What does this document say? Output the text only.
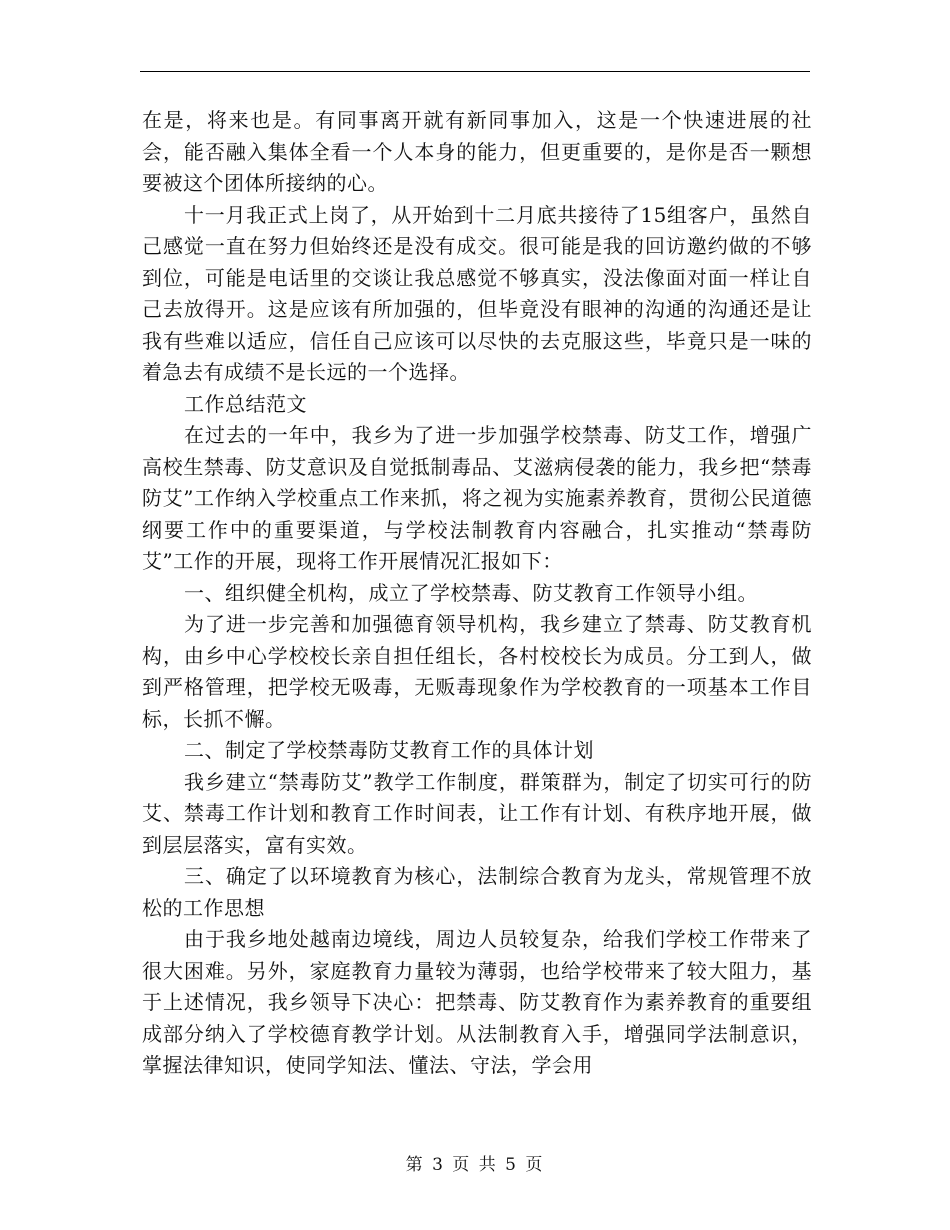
在是，将来也是。有同事离开就有新同事加入，这是一个快速进展的社会，能否融入集体全看一个人本身的能力，但更重要的，是你是否一颗想要被这个团体所接纳的心。

十一月我正式上岗了，从开始到十二月底共接待了15组客户，虽然自己感觉一直在努力但始终还是没有成交。很可能是我的回访邀约做的不够到位，可能是电话里的交谈让我总感觉不够真实，没法像面对面一样让自己去放得开。这是应该有所加强的，但毕竟没有眼神的沟通的沟通还是让我有些难以适应，信任自己应该可以尽快的去克服这些，毕竟只是一味的着急去有成绩不是长远的一个选择。

工作总结范文

在过去的一年中，我乡为了进一步加强学校禁毒、防艾工作，增强广高校生禁毒、防艾意识及自觉抵制毒品、艾滋病侵袭的能力，我乡把“禁毒防艾”工作纳入学校重点工作来抓，将之视为实施素养教育，贯彻公民道德纲要工作中的重要渠道，与学校法制教育内容融合，扎实推动“禁毒防艾”工作的开展，现将工作开展情况汇报如下：

一、组织健全机构，成立了学校禁毒、防艾教育工作领导小组。

为了进一步完善和加强德育领导机构，我乡建立了禁毒、防艾教育机构，由乡中心学校校长亲自担任组长，各村校校长为成员。分工到人，做到严格管理，把学校无吸毒，无贩毒现象作为学校教育的一项基本工作目标，长抓不懈。

二、制定了学校禁毒防艾教育工作的具体计划

我乡建立“禁毒防艾”教学工作制度，群策群为，制定了切实可行的防艾、禁毒工作计划和教育工作时间表，让工作有计划、有秩序地开展，做到层层落实，富有实效。

三、确定了以环境教育为核心，法制综合教育为龙头，常规管理不放松的工作思想

由于我乡地处越南边境线，周边人员较复杂，给我们学校工作带来了很大困难。另外，家庭教育力量较为薄弱，也给学校带来了较大阻力，基于上述情况，我乡领导下决心：把禁毒、防艾教育作为素养教育的重要组成部分纳入了学校德育教学计划。从法制教育入手，增强同学法制意识，掌握法律知识，使同学知法、懂法、守法，学会用

第 3 页 共 5 页
